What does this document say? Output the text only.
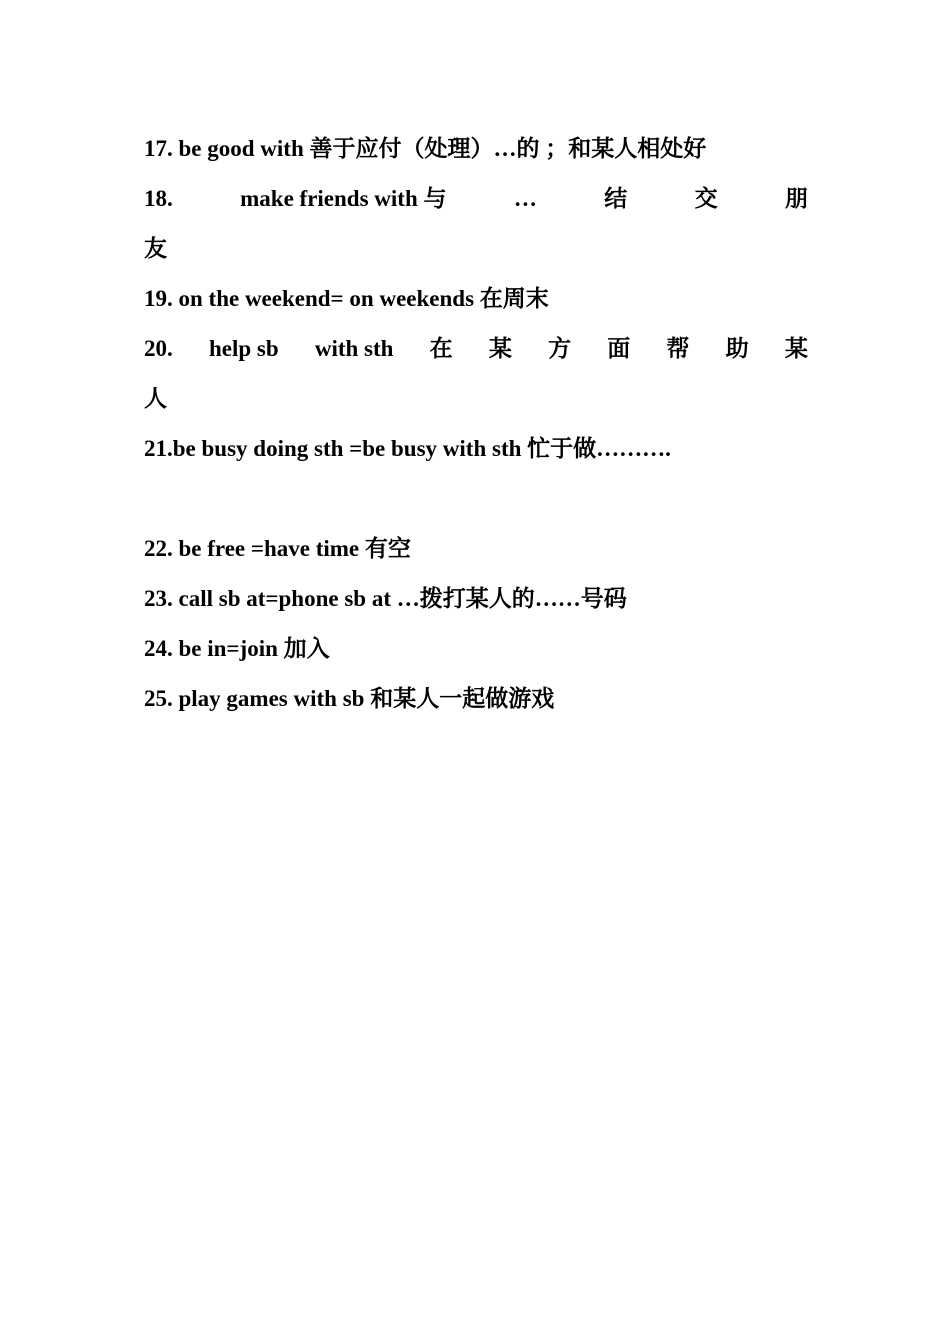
17. be good with 善于应付（处理）…的 ；和某人相处好
18.	make friends with 与	…	结	交	朋
友
19. on the weekend= on weekends 在周末
20. help sb with sth 在 某 方 面 帮 助 某
人
21.be busy doing sth =be busy with sth 忙于做……….
22. be free =have time 有空
23. call sb at=phone sb at …拨打某人的……号码
24. be in=join 加入
25. play games with sb 和某人一起做游戏
